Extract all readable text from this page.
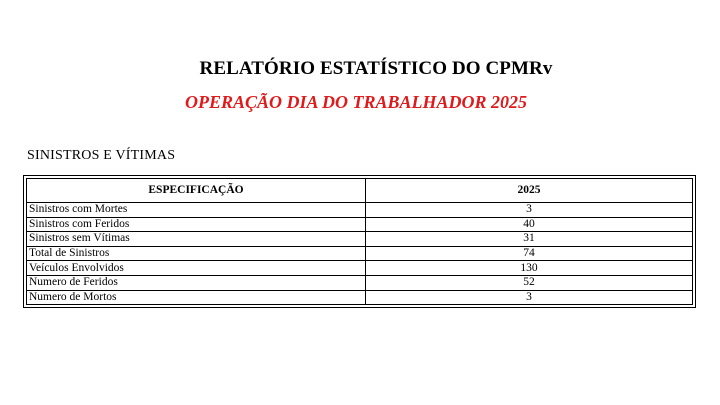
RELATÓRIO ESTATÍSTICO DO CPMRv
OPERAÇÃO DIA DO TRABALHADOR 2025
SINISTROS E VÍTIMAS
ESPECIFICAÇÃO	2025
Sinistros com Mortes	3
Sinistros com Feridos	40
Sinistros sem Vítimas	31
Total de Sinistros	74
Veículos Envolvidos	130
Numero de Feridos	52
Numero de Mortos	3
